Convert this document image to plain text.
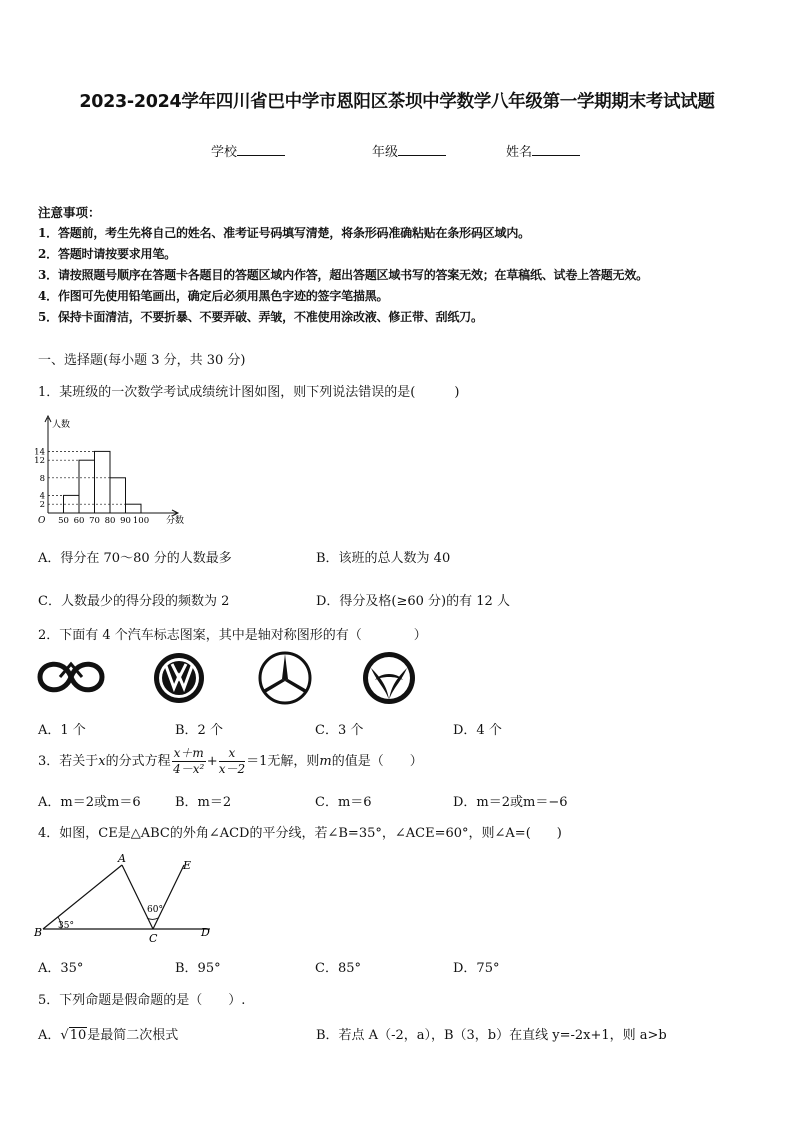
2023-2024学年四川省巴中学市恩阳区茶坝中学数学八年级第一学期期末考试试题
学校	年级	姓名
注意事项：
1．答题前，考生先将自己的姓名、准考证号码填写清楚，将条形码准确粘贴在条形码区域内。
2．答题时请按要求用笔。
3．请按照题号顺序在答题卡各题目的答题区域内作答，超出答题区域书写的答案无效；在草稿纸、试卷上答题无效。
4．作图可先使用铅笔画出，确定后必须用黑色字迹的签字笔描黑。
5．保持卡面清洁，不要折暴、不要弄破、弄皱，不准使用涂改液、修正带、刮纸刀。
一、选择题(每小题 3 分，共 30 分)
1．某班级的一次数学考试成绩统计图如图，则下列说法错误的是(　　　)
2
4
8
12
14
50 60 70 80 90 100
O
人数
分数
A．得分在 70～80 分的人数最多	B．该班的总人数为 40
C．人数最少的得分段的频数为 2	D．得分及格(≥60 分)的有 12 人
2．下面有 4 个汽车标志图案，其中是轴对称图形的有（　　　　）
A．1 个	B．2 个	C．3 个	D．4 个
3．若关于x的分式方程 $\frac{x+m}{\text{4－x²}} + \frac{x}{x-2} =1$无解，则m的值是（　　）
A．m＝2或m＝6	B．m＝2	C．m＝6	D．m＝2或m＝−6
4．如图，CE是△ABC的外角∠ACD的平分线，若∠B=35°，∠ACE=60°，则∠A=(　　)
A
B	C	D
E
35°
60°
A．35°	B．95°	C．85°	D．75°
5．下列命题是假命题的是（　　）.
A．√10是最简二次根式	B．若点 A（-2，a），B（3，b）在直线 y=-2x+1，则 a>b
